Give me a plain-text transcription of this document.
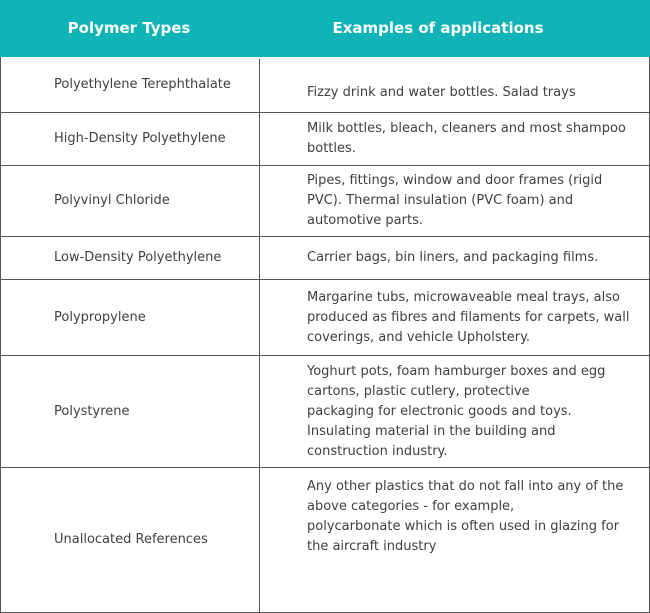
Polymer Types	Examples of applications
Polyethylene Terephthalate
Fizzy drink and water bottles. Salad trays
High-Density Polyethylene
Milk bottles, bleach, cleaners and most shampoo
bottles.
Polyvinyl Chloride
Pipes, fittings, window and door frames (rigid
PVC). Thermal insulation (PVC foam) and
automotive parts.
Low-Density Polyethylene	Carrier bags, bin liners, and packaging films.
Polypropylene
Margarine tubs, microwaveable meal trays, also
produced as fibres and filaments for carpets, wall
coverings, and vehicle Upholstery.
Polystyrene
Yoghurt pots, foam hamburger boxes and egg
cartons, plastic cutlery, protective
packaging for electronic goods and toys.
Insulating material in the building and
construction industry.
Unallocated References
Any other plastics that do not fall into any of the
above categories - for example,
polycarbonate which is often used in glazing for
the aircraft industry
